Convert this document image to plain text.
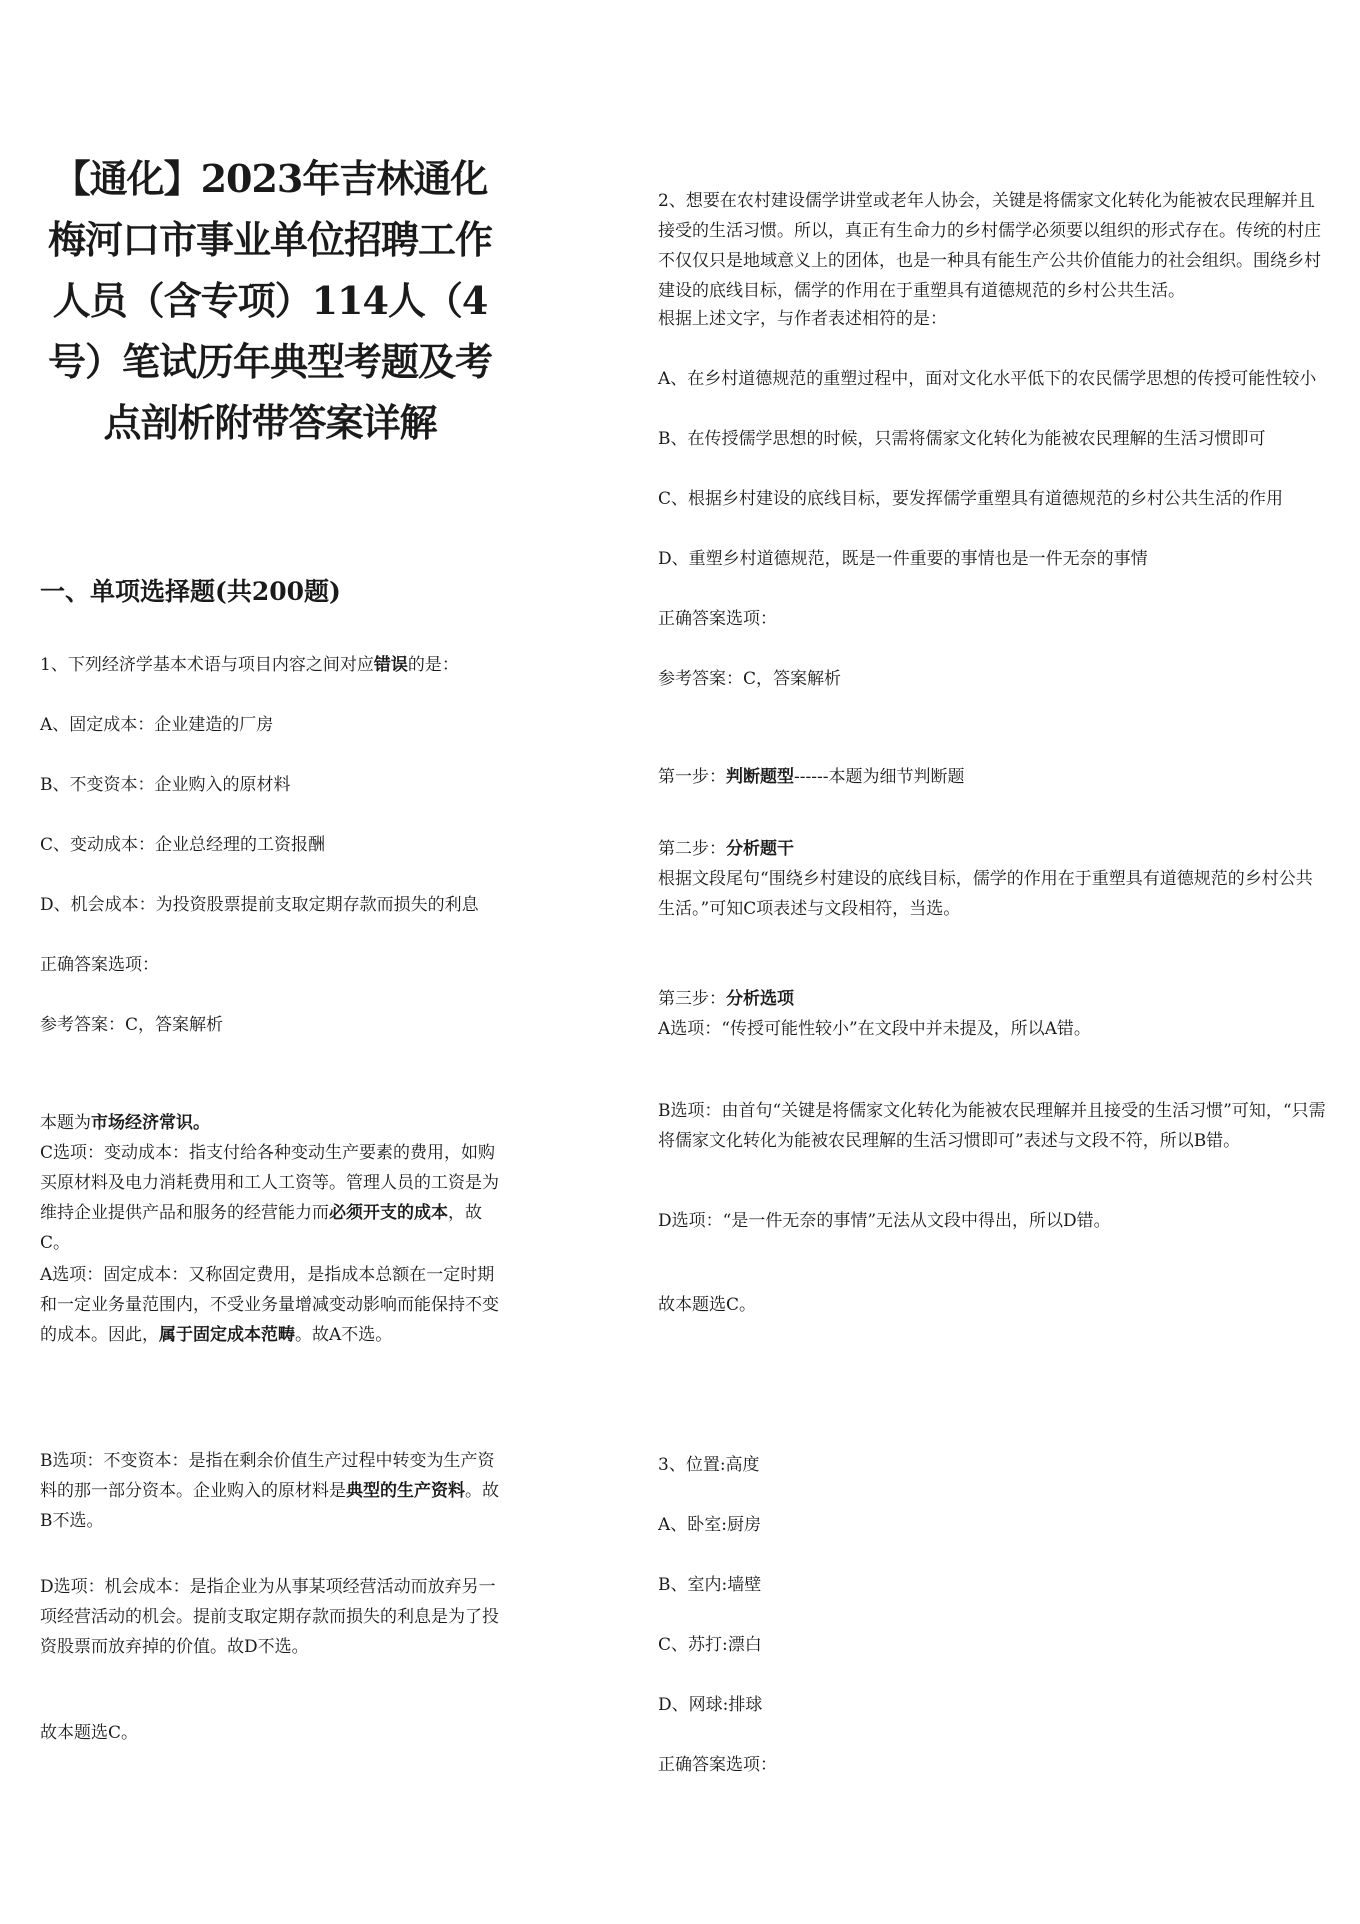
【通化】2023年吉林通化梅河口市事业单位招聘工作人员（含专项）114人（4号）笔试历年典型考题及考点剖析附带答案详解
一、单项选择题(共200题)

1、下列经济学基本术语与项目内容之间对应错误的是：

A、固定成本：企业建造的厂房

B、不变资本：企业购入的原材料

C、变动成本：企业总经理的工资报酬

D、机会成本：为投资股票提前支取定期存款而损失的利息

正确答案选项：

参考答案：C，答案解析

本题为市场经济常识。

C选项：变动成本：指支付给各种变动生产要素的费用，如购买原材料及电力消耗费用和工人工资等。管理人员的工资是为维持企业提供产品和服务的经营能力而必须开支的成本，故C。

A选项：固定成本：又称固定费用，是指成本总额在一定时期和一定业务量范围内，不受业务量增减变动影响而能保持不变的成本。因此，属于固定成本范畴。故A不选。

B选项：不变资本：是指在剩余价值生产过程中转变为生产资料的那一部分资本。企业购入的原材料是典型的生产资料。故B不选。

D选项：机会成本：是指企业为从事某项经营活动而放弃另一项经营活动的机会。提前支取定期存款而损失的利息是为了投资股票而放弃掉的价值。故D不选。

故本题选C。

2、想要在农村建设儒学讲堂或老年人协会，关键是将儒家文化转化为能被农民理解并且接受的生活习惯。所以，真正有生命力的乡村儒学必须要以组织的形式存在。传统的村庄不仅仅只是地域意义上的团体，也是一种具有能生产公共价值能力的社会组织。围绕乡村建设的底线目标，儒学的作用在于重塑具有道德规范的乡村公共生活。

根据上述文字，与作者表述相符的是：

A、在乡村道德规范的重塑过程中，面对文化水平低下的农民儒学思想的传授可能性较小

B、在传授儒学思想的时候，只需将儒家文化转化为能被农民理解的生活习惯即可

C、根据乡村建设的底线目标，要发挥儒学重塑具有道德规范的乡村公共生活的作用

D、重塑乡村道德规范，既是一件重要的事情也是一件无奈的事情

正确答案选项：

参考答案：C，答案解析

第一步：判断题型------本题为细节判断题

第二步：分析题干

根据文段尾句“围绕乡村建设的底线目标，儒学的作用在于重塑具有道德规范的乡村公共生活。”可知C项表述与文段相符，当选。

第三步：分析选项

A选项：“传授可能性较小”在文段中并未提及，所以A错。

B选项：由首句“关键是将儒家文化转化为能被农民理解并且接受的生活习惯”可知，“只需将儒家文化转化为能被农民理解的生活习惯即可”表述与文段不符，所以B错。

D选项：“是一件无奈的事情”无法从文段中得出，所以D错。

故本题选C。

3、位置:高度

A、卧室:厨房

B、室内:墙壁

C、苏打:漂白

D、网球:排球

正确答案选项：
